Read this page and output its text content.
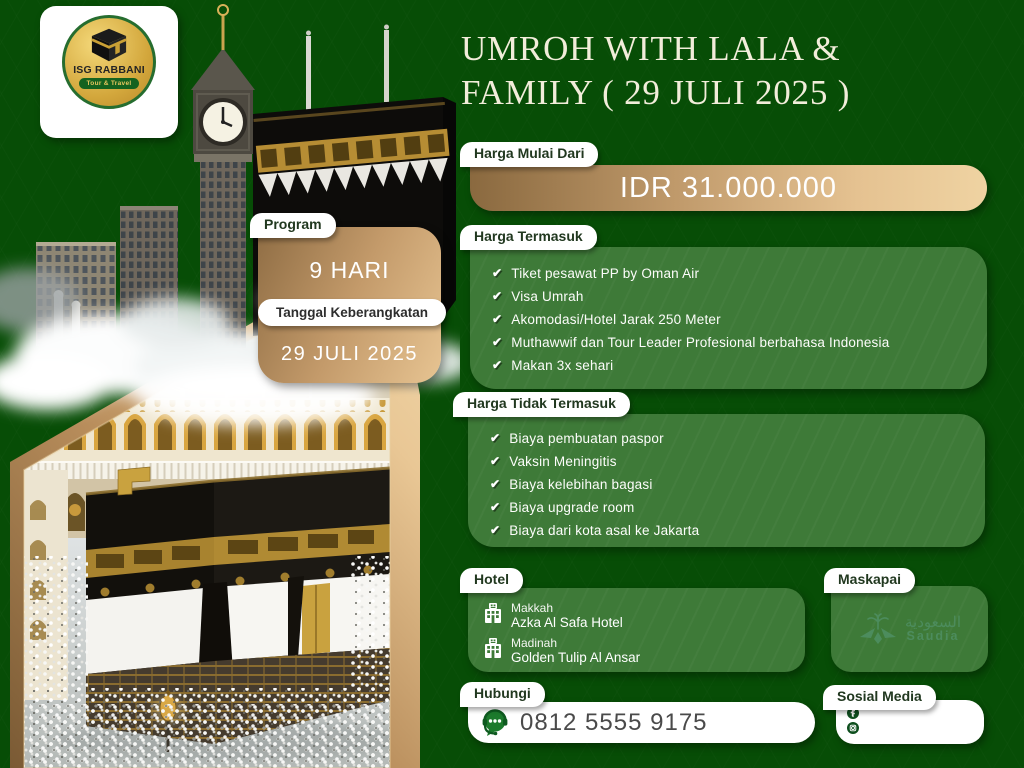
ISG RABBANI
Tour & Travel
Program
9 HARI
Tanggal Keberangkatan
29 JULI 2025
UMROH WITH LALA &
FAMILY ( 29 JULI 2025 )
Harga Mulai Dari
IDR 31.000.000
Harga Termasuk
✔ Tiket pesawat PP by Oman Air
✔ Visa Umrah
✔ Akomodasi/Hotel Jarak 250 Meter
✔ Muthawwif dan Tour Leader Profesional berbahasa Indonesia
✔ Makan 3x sehari
Harga Tidak Termasuk
✔ Biaya pembuatan paspor
✔ Vaksin Meningitis
✔ Biaya kelebihan bagasi
✔ Biaya upgrade room
✔ Biaya dari kota asal ke Jakarta
Hotel
Makkah
Azka Al Safa Hotel
Madinah
Golden Tulip Al Ansar
Maskapai
السعودية
Saudia
Hubungi
0812 5555 9175
Sosial Media
